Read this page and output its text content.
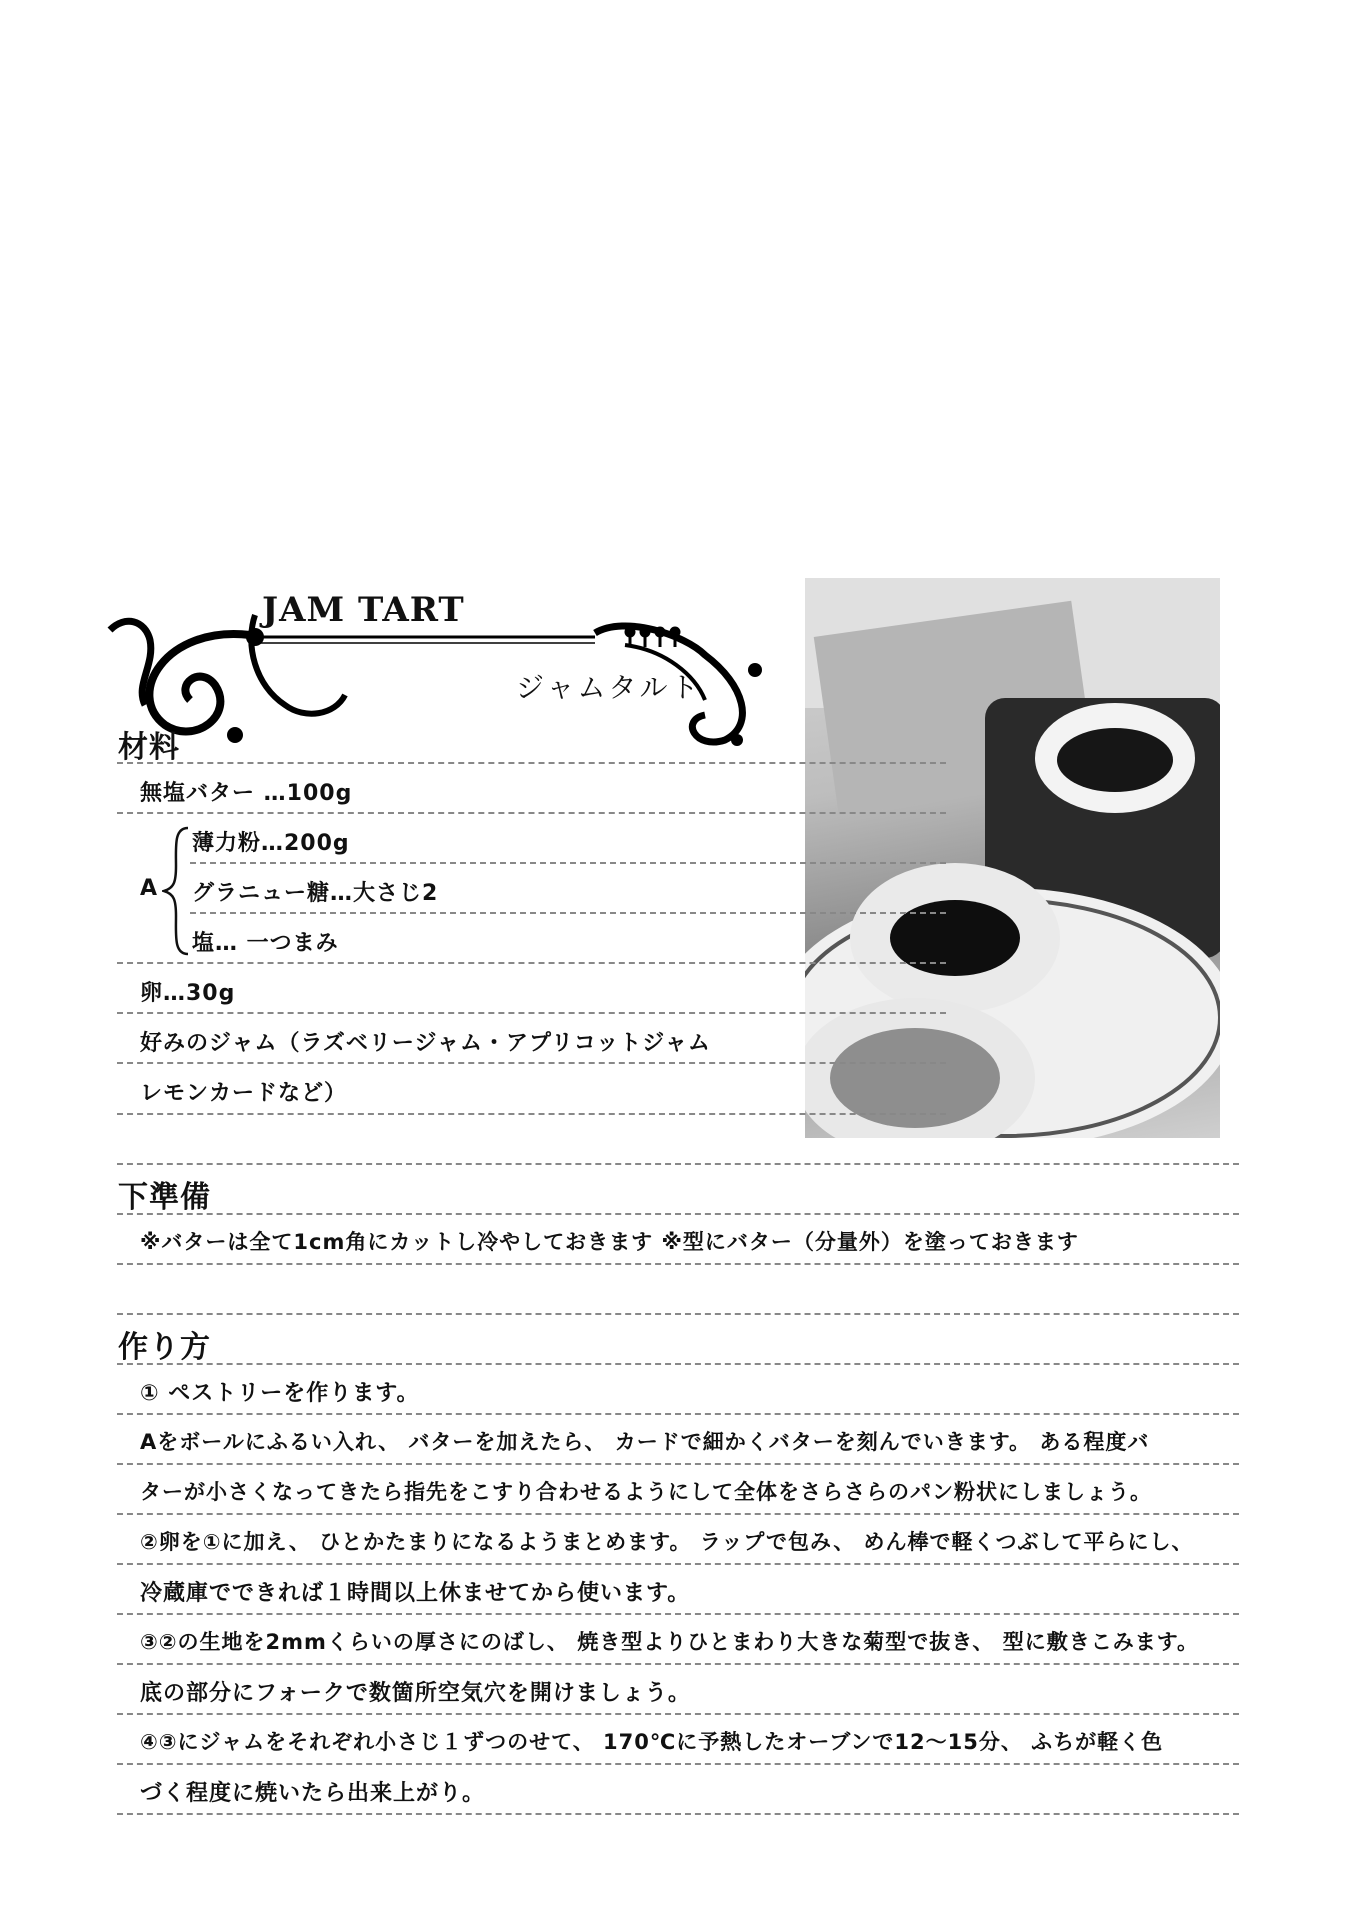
JAM TART
ジャムタルト
材料
無塩バター …100g
A
薄力粉…200g
グラニュー糖…大さじ2
塩… 一つまみ
卵…30g
好みのジャム（ラズベリージャム・アプリコットジャム
レモンカードなど）
下準備
※バターは全て1cm角にカットし冷やしておきます ※型にバター（分量外）を塗っておきます
作り方
① ペストリーを作ります。
Aをボールにふるい入れ、 バターを加えたら、 カードで細かくバターを刻んでいきます。 ある程度バ
ターが小さくなってきたら指先をこすり合わせるようにして全体をさらさらのパン粉状にしましょう。
②卵を①に加え、 ひとかたまりになるようまとめます。 ラップで包み、 めん棒で軽くつぶして平らにし、
冷蔵庫でできれば１時間以上休ませてから使います。
③②の生地を2mmくらいの厚さにのばし、 焼き型よりひとまわり大きな菊型で抜き、 型に敷きこみます。
底の部分にフォークで数箇所空気穴を開けましょう。
④③にジャムをそれぞれ小さじ１ずつのせて、 170℃に予熱したオーブンで12～15分、 ふちが軽く色
づく程度に焼いたら出来上がり。
